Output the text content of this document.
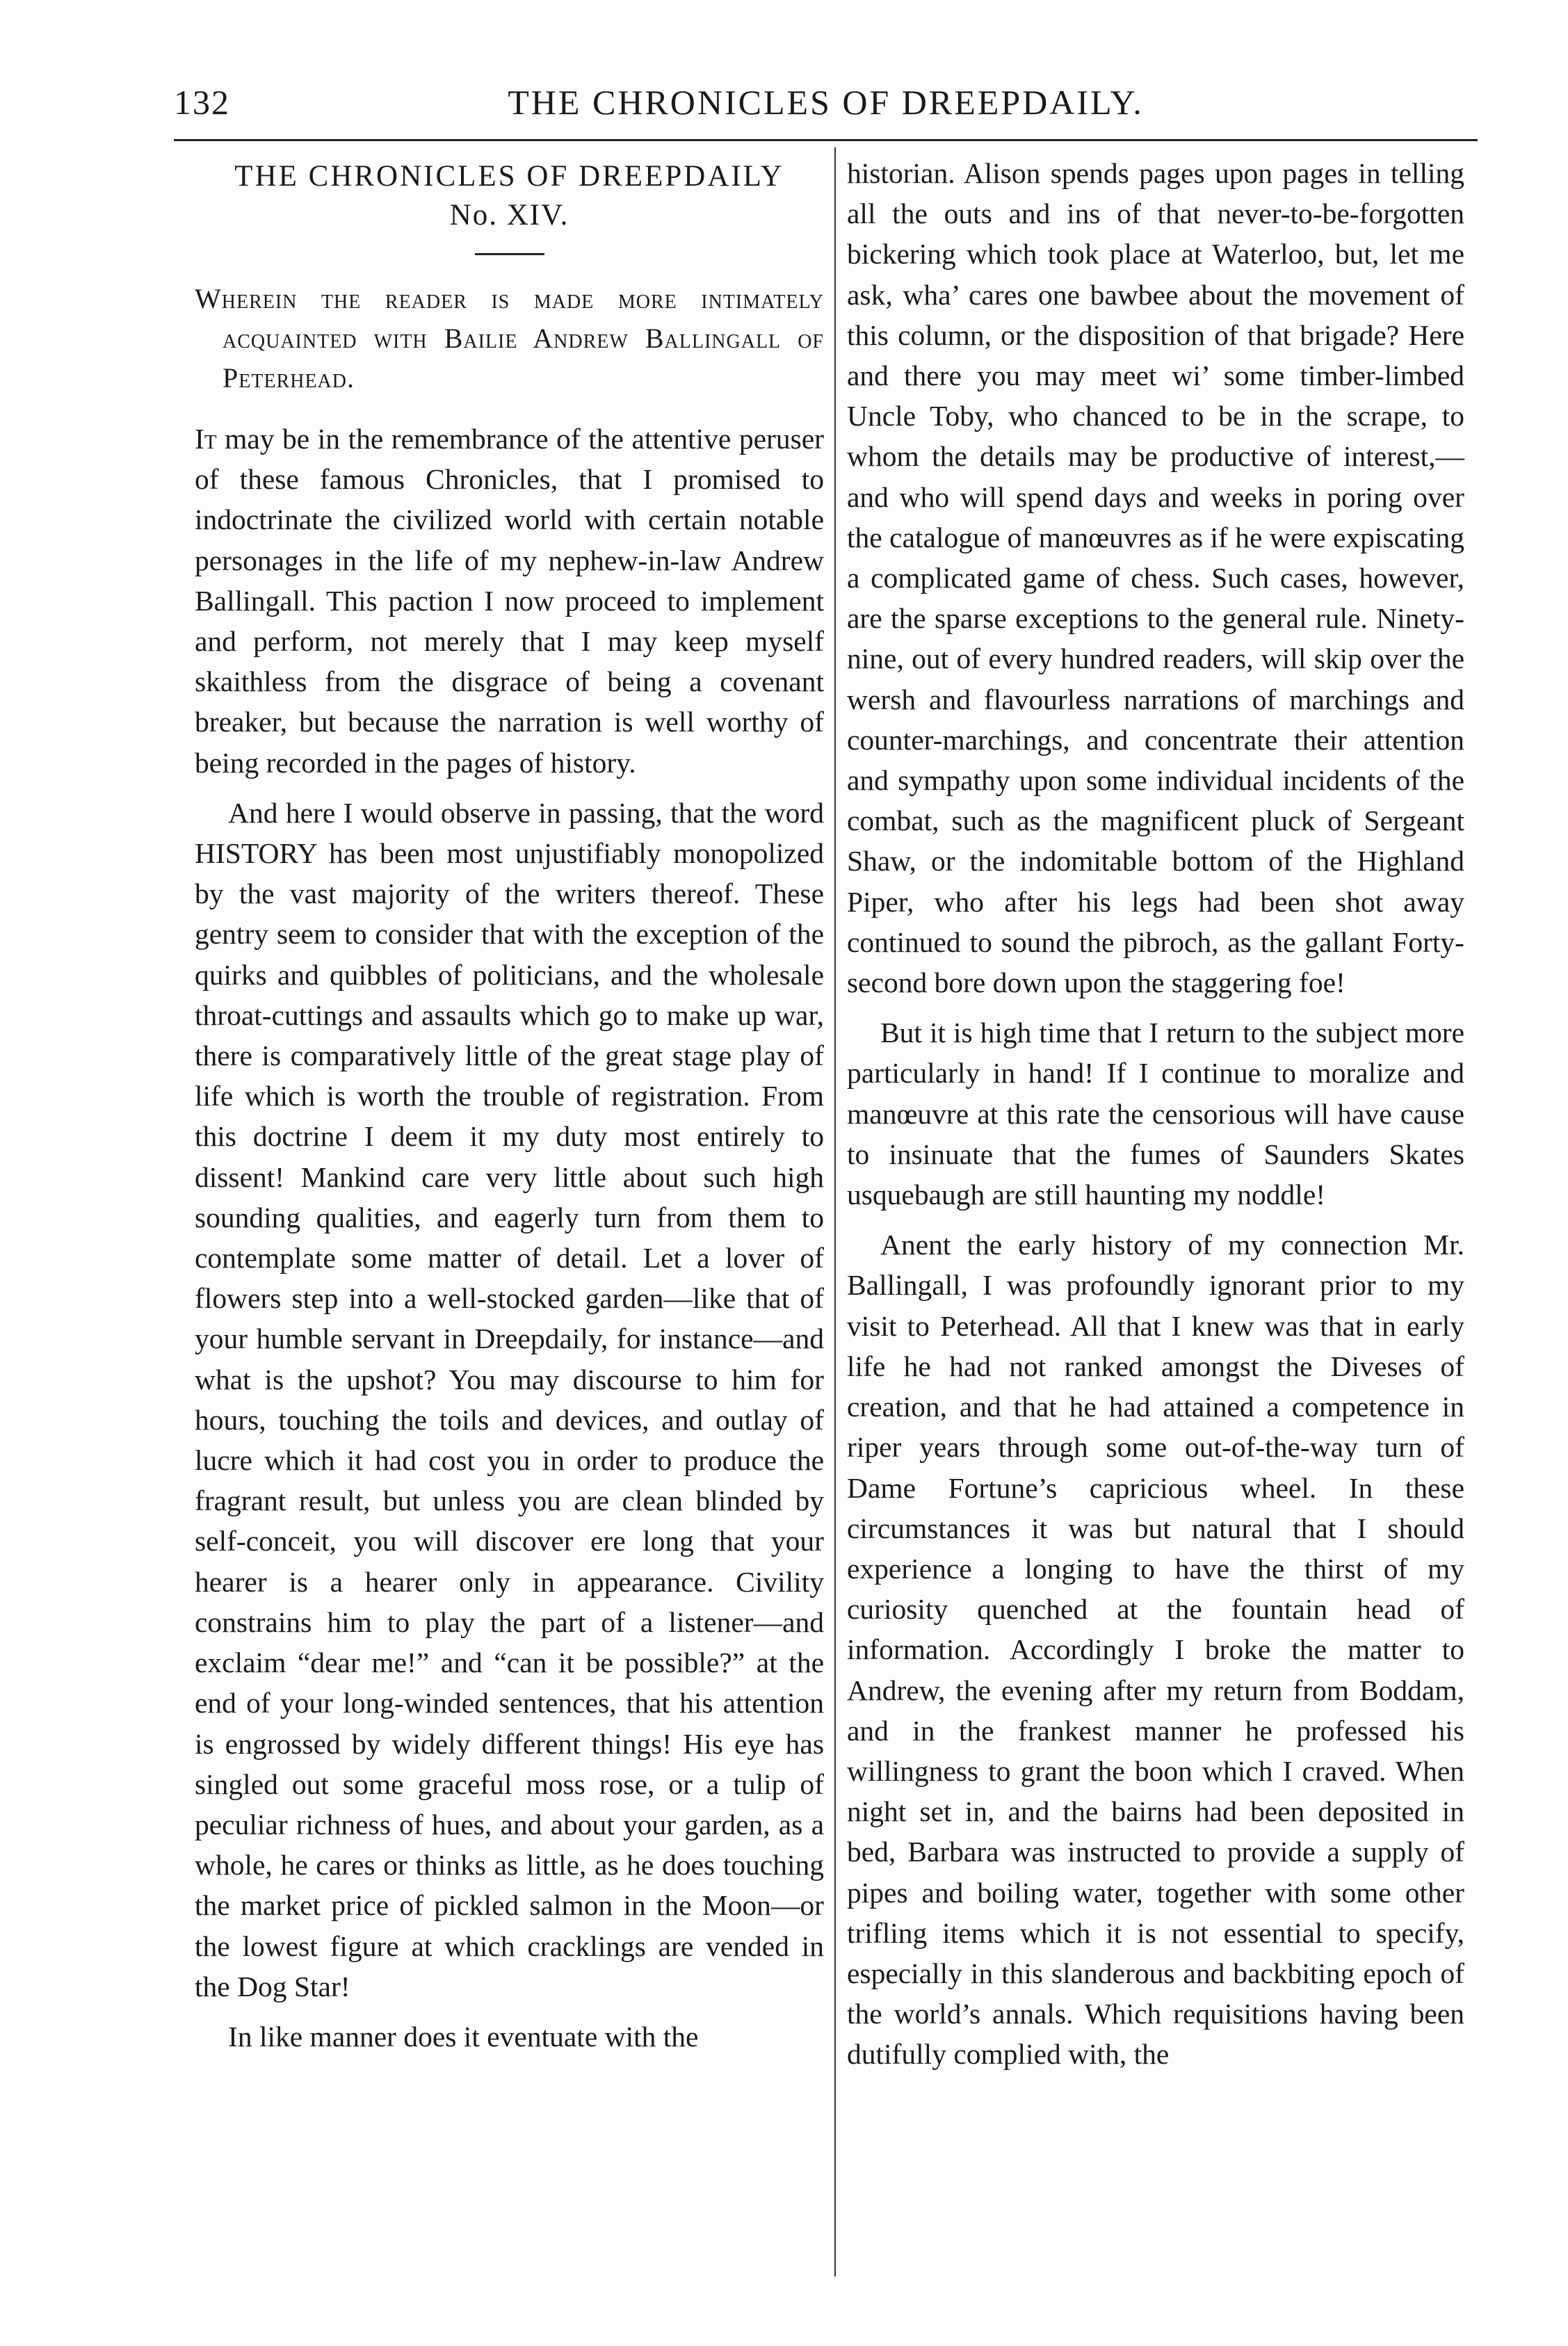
132	THE CHRONICLES OF DREEPDAILY.
THE CHRONICLES OF DREEPDAILY
No. XIV.
Wherein the reader is made more intimately acquainted with Bailie Andrew Ballingall of Peterhead.

It may be in the remembrance of the attentive peruser of these famous Chronicles, that I promised to indoctrinate the civilized world with certain notable personages in the life of my nephew-in-law Andrew Ballingall. This paction I now proceed to implement and perform, not merely that I may keep myself skaithless from the disgrace of being a covenant breaker, but because the narration is well worthy of being recorded in the pages of history.

And here I would observe in passing, that the word HISTORY has been most unjustifiably monopolized by the vast majority of the writers thereof. These gentry seem to consider that with the exception of the quirks and quibbles of politicians, and the wholesale throat-cuttings and assaults which go to make up war, there is comparatively little of the great stage play of life which is worth the trouble of registration. From this doctrine I deem it my duty most entirely to dissent! Mankind care very little about such high sounding qualities, and eagerly turn from them to contemplate some matter of detail. Let a lover of flowers step into a well-stocked garden—like that of your humble servant in Dreepdaily, for instance—and what is the upshot? You may discourse to him for hours, touching the toils and devices, and outlay of lucre which it had cost you in order to produce the fragrant result, but unless you are clean blinded by self-conceit, you will discover ere long that your hearer is a hearer only in appearance. Civility constrains him to play the part of a listener—and exclaim “dear me!” and “can it be possible?” at the end of your long-winded sentences, that his attention is engrossed by widely different things! His eye has singled out some graceful moss rose, or a tulip of peculiar richness of hues, and about your garden, as a whole, he cares or thinks as little, as he does touching the market price of pickled salmon in the Moon—or the lowest figure at which cracklings are vended in the Dog Star!

In like manner does it eventuate with the

historian. Alison spends pages upon pages in telling all the outs and ins of that never-to-be-forgotten bickering which took place at Waterloo, but, let me ask, wha’ cares one bawbee about the movement of this column, or the disposition of that brigade? Here and there you may meet wi’ some timber-limbed Uncle Toby, who chanced to be in the scrape, to whom the details may be productive of interest,—and who will spend days and weeks in poring over the catalogue of manœuvres as if he were expiscating a complicated game of chess. Such cases, however, are the sparse exceptions to the general rule. Ninety-nine, out of every hundred readers, will skip over the wersh and flavourless narrations of marchings and counter-marchings, and concentrate their attention and sympathy upon some individual incidents of the combat, such as the magnificent pluck of Sergeant Shaw, or the indomitable bottom of the Highland Piper, who after his legs had been shot away continued to sound the pibroch, as the gallant Forty-second bore down upon the staggering foe!

But it is high time that I return to the subject more particularly in hand! If I continue to moralize and manœuvre at this rate the censorious will have cause to insinuate that the fumes of Saunders Skates usquebaugh are still haunting my noddle!

Anent the early history of my connection Mr. Ballingall, I was profoundly ignorant prior to my visit to Peterhead. All that I knew was that in early life he had not ranked amongst the Diveses of creation, and that he had attained a competence in riper years through some out-of-the-way turn of Dame Fortune’s capricious wheel. In these circumstances it was but natural that I should experience a longing to have the thirst of my curiosity quenched at the fountain head of information. Accordingly I broke the matter to Andrew, the evening after my return from Boddam, and in the frankest manner he professed his willingness to grant the boon which I craved. When night set in, and the bairns had been deposited in bed, Barbara was instructed to provide a supply of pipes and boiling water, together with some other trifling items which it is not essential to specify, especially in this slanderous and backbiting epoch of the world’s annals. Which requisitions having been dutifully complied with, the
